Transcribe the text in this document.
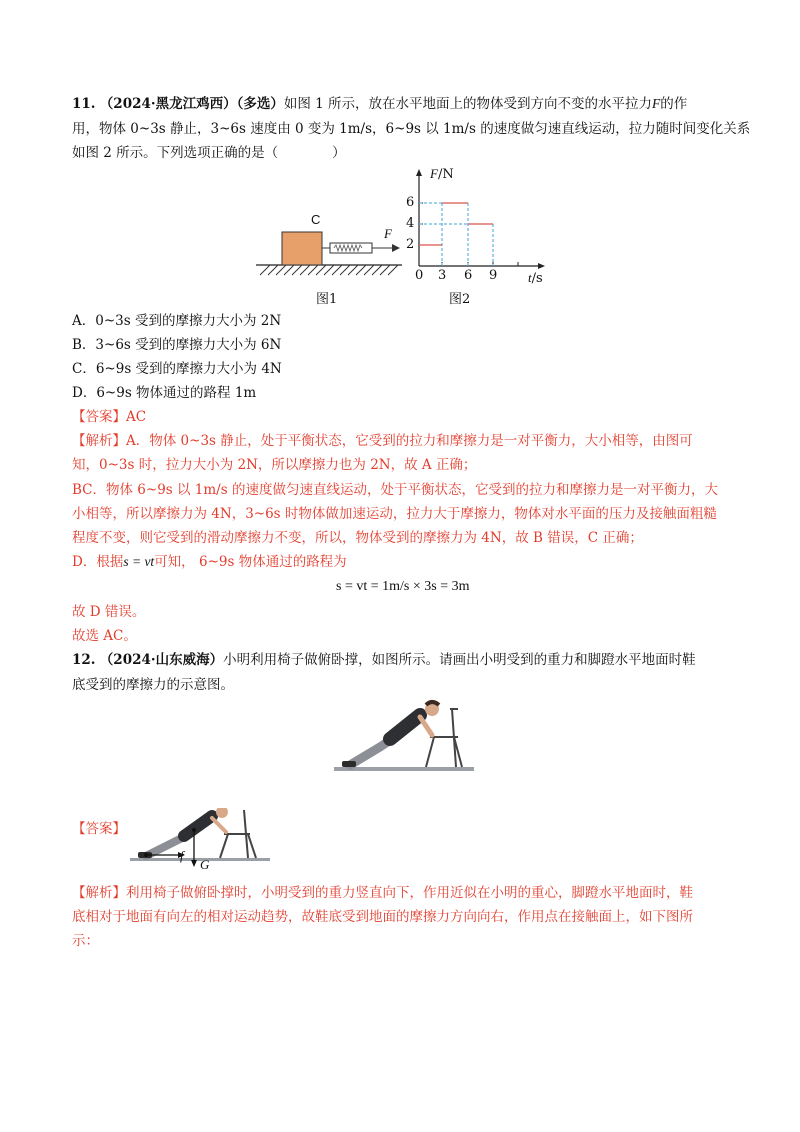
11. （2024·黑龙江鸡西）（多选）如图 1 所示，放在水平地面上的物体受到方向不变的水平拉力F的作
用，物体 0~3s 静止，3~6s 速度由 0 变为 1m/s，6~9s 以 1m/s 的速度做匀速直线运动，拉力随时间变化关系
如图 2 所示。下列选项正确的是（　　　　）
C
F
图1
F/N
6
4
2
0 3 6 9 t/s
图2
A．0~3s 受到的摩擦力大小为 2N
B．3~6s 受到的摩擦力大小为 6N
C．6~9s 受到的摩擦力大小为 4N
D．6~9s 物体通过的路程 1m
【答案】AC
【解析】A．物体 0~3s 静止，处于平衡状态，它受到的拉力和摩擦力是一对平衡力，大小相等，由图可
知，0~3s 时，拉力大小为 2N，所以摩擦力也为 2N，故 A 正确；
BC．物体 6~9s 以 1m/s 的速度做匀速直线运动，处于平衡状态，它受到的拉力和摩擦力是一对平衡力，大
小相等，所以摩擦力为 4N，3~6s 时物体做加速运动，拉力大于摩擦力，物体对水平面的压力及接触面粗糙
程度不变，则它受到的滑动摩擦力不变，所以，物体受到的摩擦力为 4N，故 B 错误，C 正确；
D．根据s = vt可知， 6~9s 物体通过的路程为
s = vt = 1m/s × 3s = 3m
故 D 错误。
故选 AC。
12. （2024·山东威海）小明利用椅子做俯卧撑，如图所示。请画出小明受到的重力和脚蹬水平地面时鞋
底受到的摩擦力的示意图。
【答案】
f
G
【解析】利用椅子做俯卧撑时，小明受到的重力竖直向下，作用近似在小明的重心，脚蹬水平地面时，鞋
底相对于地面有向左的相对运动趋势，故鞋底受到地面的摩擦力方向向右，作用点在接触面上，如下图所
示：
